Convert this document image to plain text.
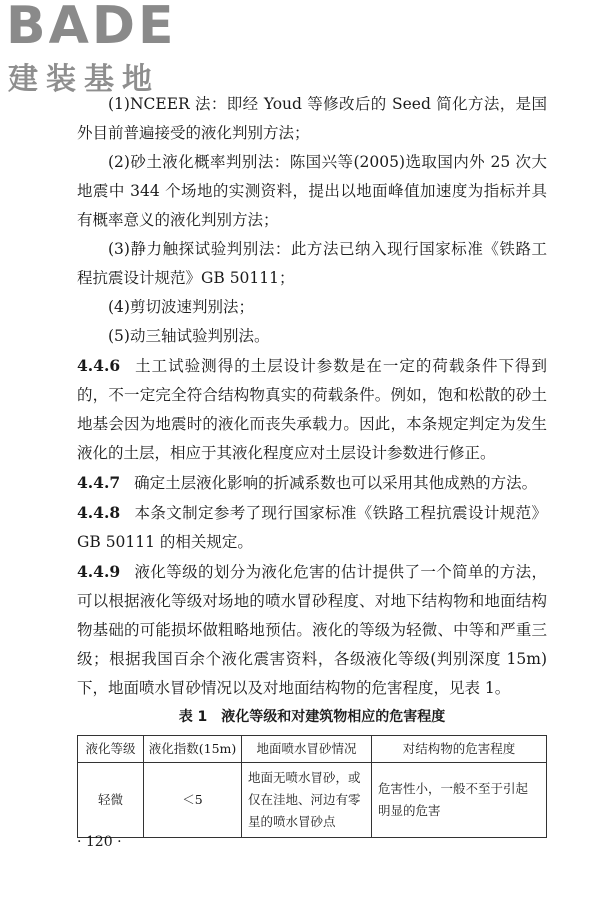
BADE
建装基地

(1)NCEER 法：即经 Youd 等修改后的 Seed 简化方法，是国外目前普遍接受的液化判别方法；

(2)砂土液化概率判别法：陈国兴等(2005)选取国内外 25 次大地震中 344 个场地的实测资料，提出以地面峰值加速度为指标并具有概率意义的液化判别方法；

(3)静力触探试验判别法：此方法已纳入现行国家标准《铁路工程抗震设计规范》GB 50111；

(4)剪切波速判别法；

(5)动三轴试验判别法。

4.4.6 土工试验测得的土层设计参数是在一定的荷载条件下得到的，不一定完全符合结构物真实的荷载条件。例如，饱和松散的砂土地基会因为地震时的液化而丧失承载力。因此，本条规定判定为发生液化的土层，相应于其液化程度应对土层设计参数进行修正。

4.4.7 确定土层液化影响的折减系数也可以采用其他成熟的方法。

4.4.8 本条文制定参考了现行国家标准《铁路工程抗震设计规范》GB 50111 的相关规定。

4.4.9 液化等级的划分为液化危害的估计提供了一个简单的方法，可以根据液化等级对场地的喷水冒砂程度、对地下结构物和地面结构物基础的可能损坏做粗略地预估。液化的等级为轻微、中等和严重三级；根据我国百余个液化震害资料，各级液化等级(判别深度 15m)下，地面喷水冒砂情况以及对地面结构物的危害程度，见表 1。

表 1　液化等级和对建筑物相应的危害程度
液化等级	液化指数(15m)	地面喷水冒砂情况	对结构物的危害程度
轻微	＜5	地面无喷水冒砂，或仅在洼地、河边有零星的喷水冒砂点	危害性小，一般不至于引起明显的危害
· 120 ·
